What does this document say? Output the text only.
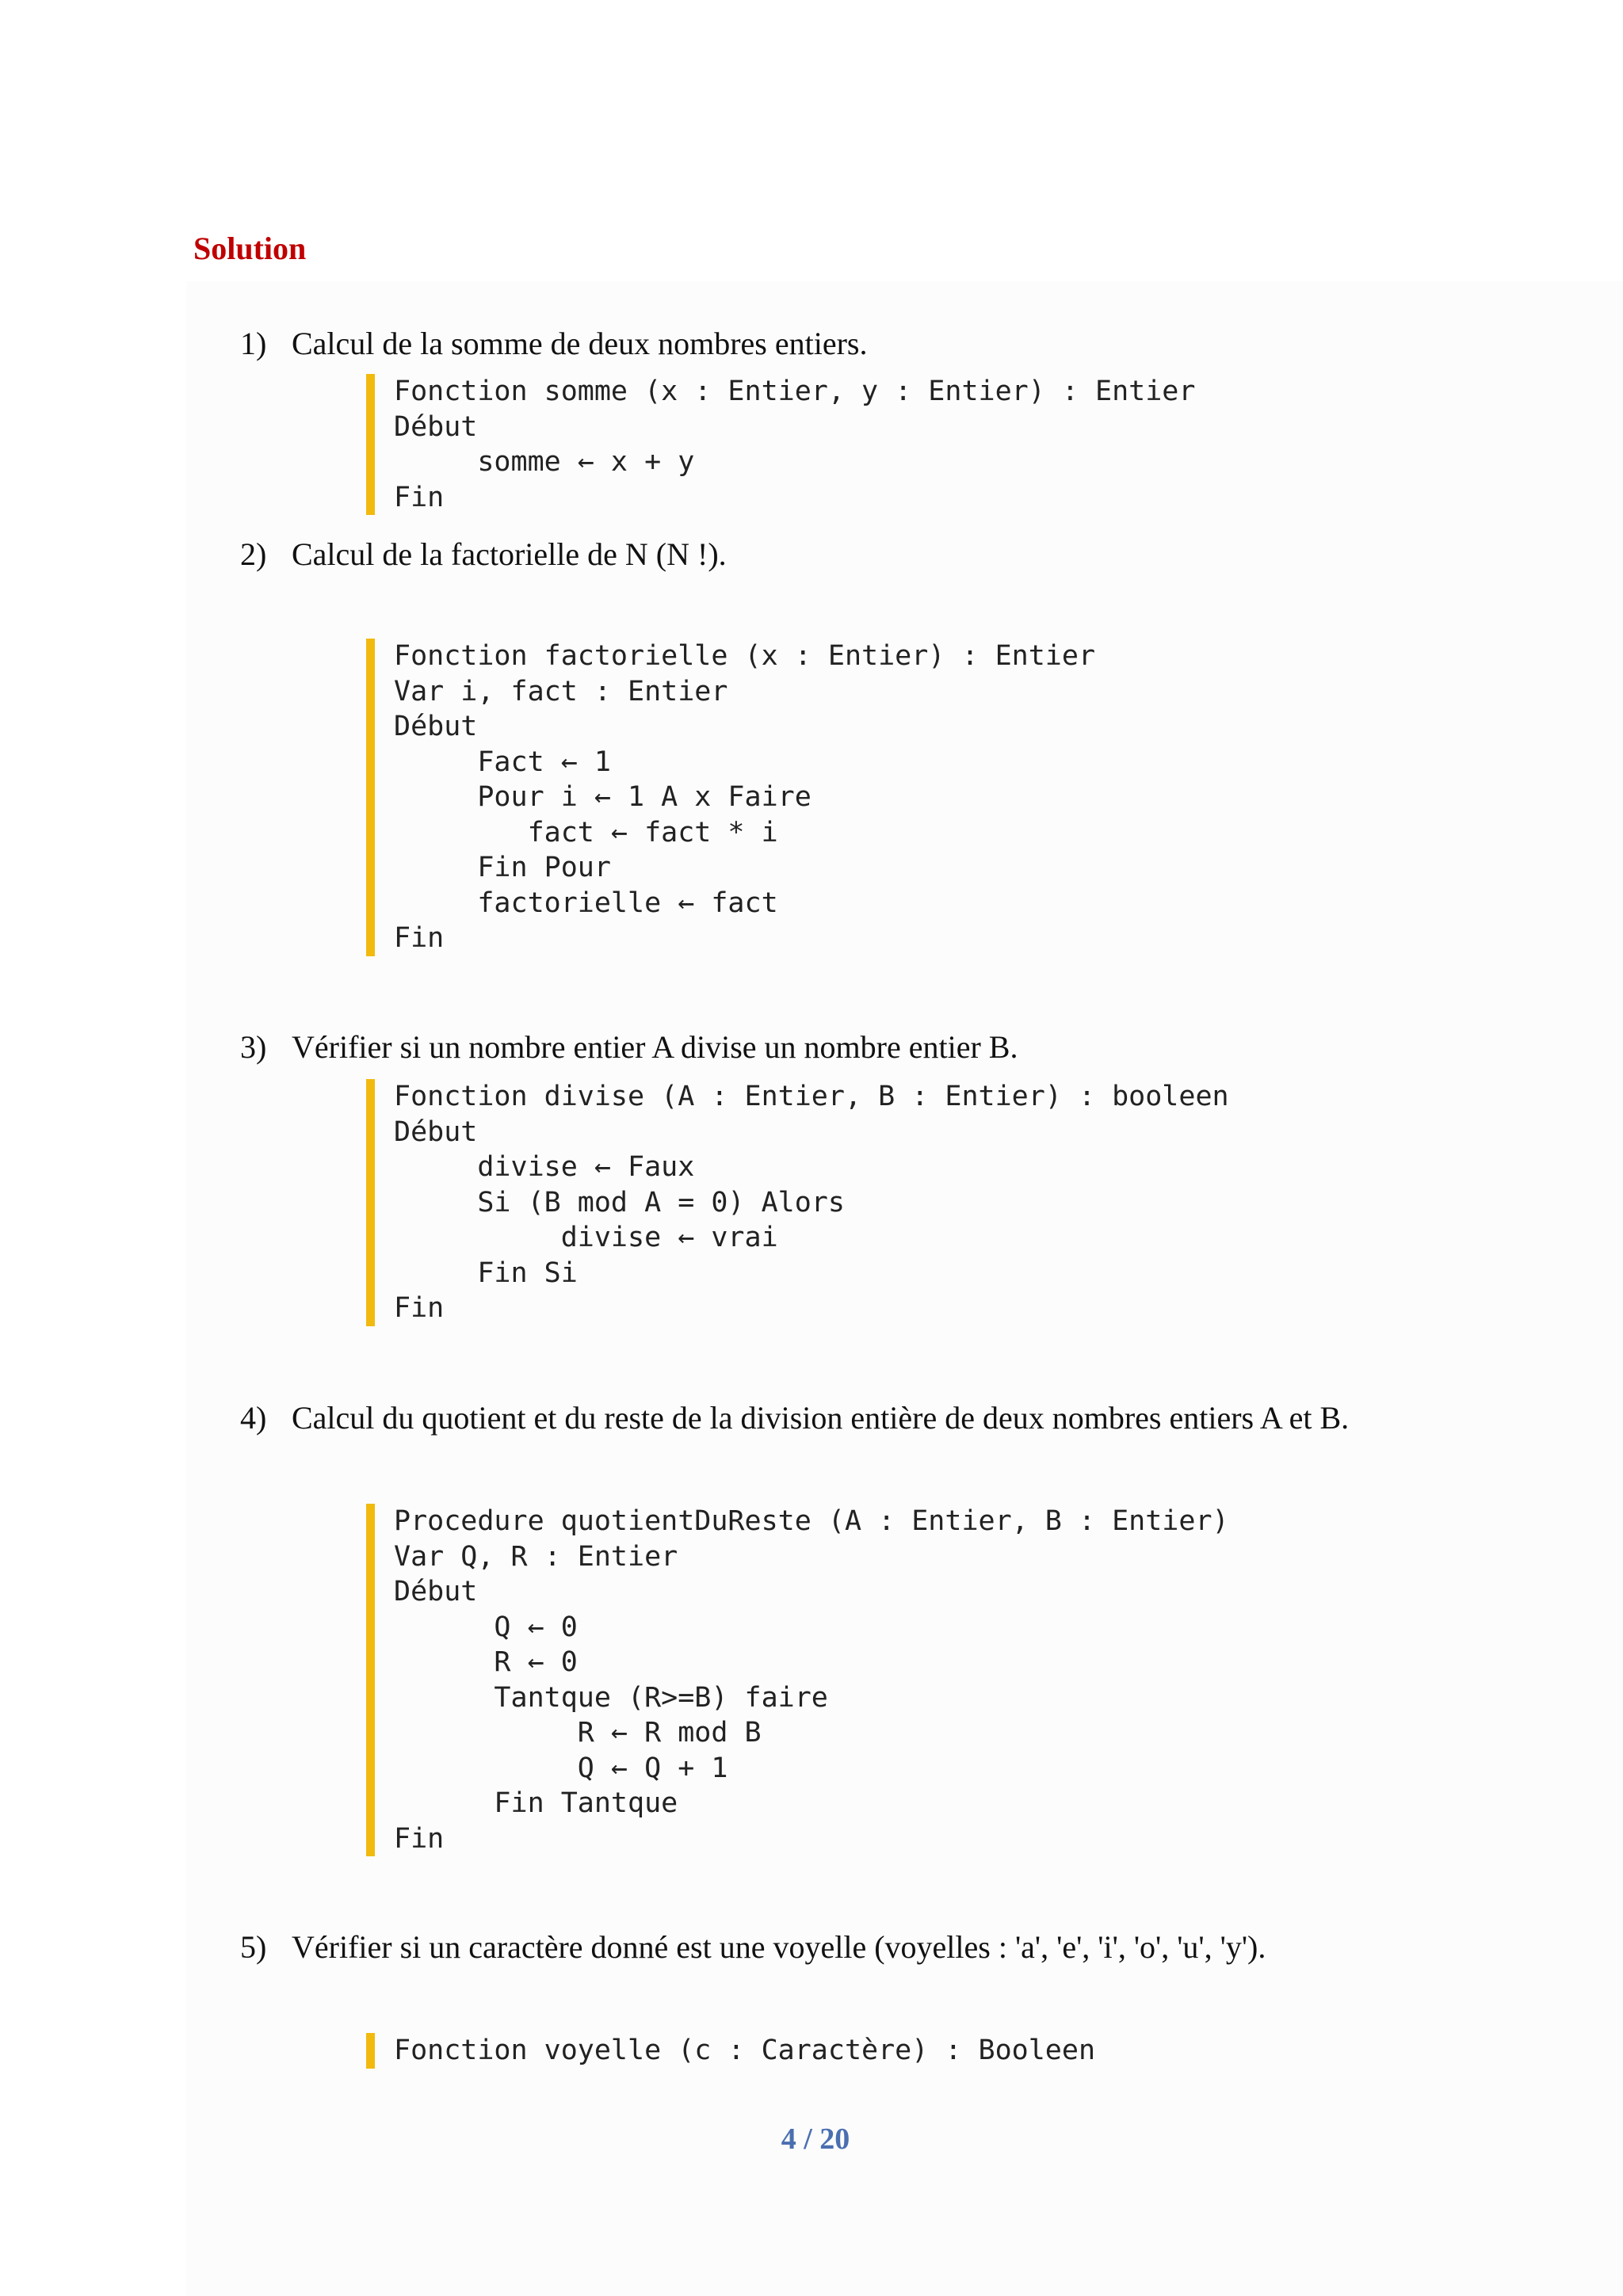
Solution
1) Calcul de la somme de deux nombres entiers.
Fonction somme (x : Entier, y : Entier) : Entier
Début
somme ← x + y
Fin
2) Calcul de la factorielle de N (N !).
Fonction factorielle (x : Entier) : Entier
Var i, fact : Entier
Début
Fact ← 1
Pour i ← 1 A x Faire
fact ← fact * i
Fin Pour
factorielle ← fact
Fin
3) Vérifier si un nombre entier A divise un nombre entier B.
Fonction divise (A : Entier, B : Entier) : booleen
Début
divise ← Faux
Si (B mod A = 0) Alors
divise ← vrai
Fin Si
Fin
4) Calcul du quotient et du reste de la division entière de deux nombres entiers A et B.
Procedure quotientDuReste (A : Entier, B : Entier)
Var Q, R : Entier
Début
Q ← 0
R ← 0
Tantque (R>=B) faire
R ← R mod B
Q ← Q + 1
Fin Tantque
Fin
5) Vérifier si un caractère donné est une voyelle (voyelles : 'a', 'e', 'i', 'o', 'u', 'y').
Fonction voyelle (c : Caractère) : Booleen
4 / 20
